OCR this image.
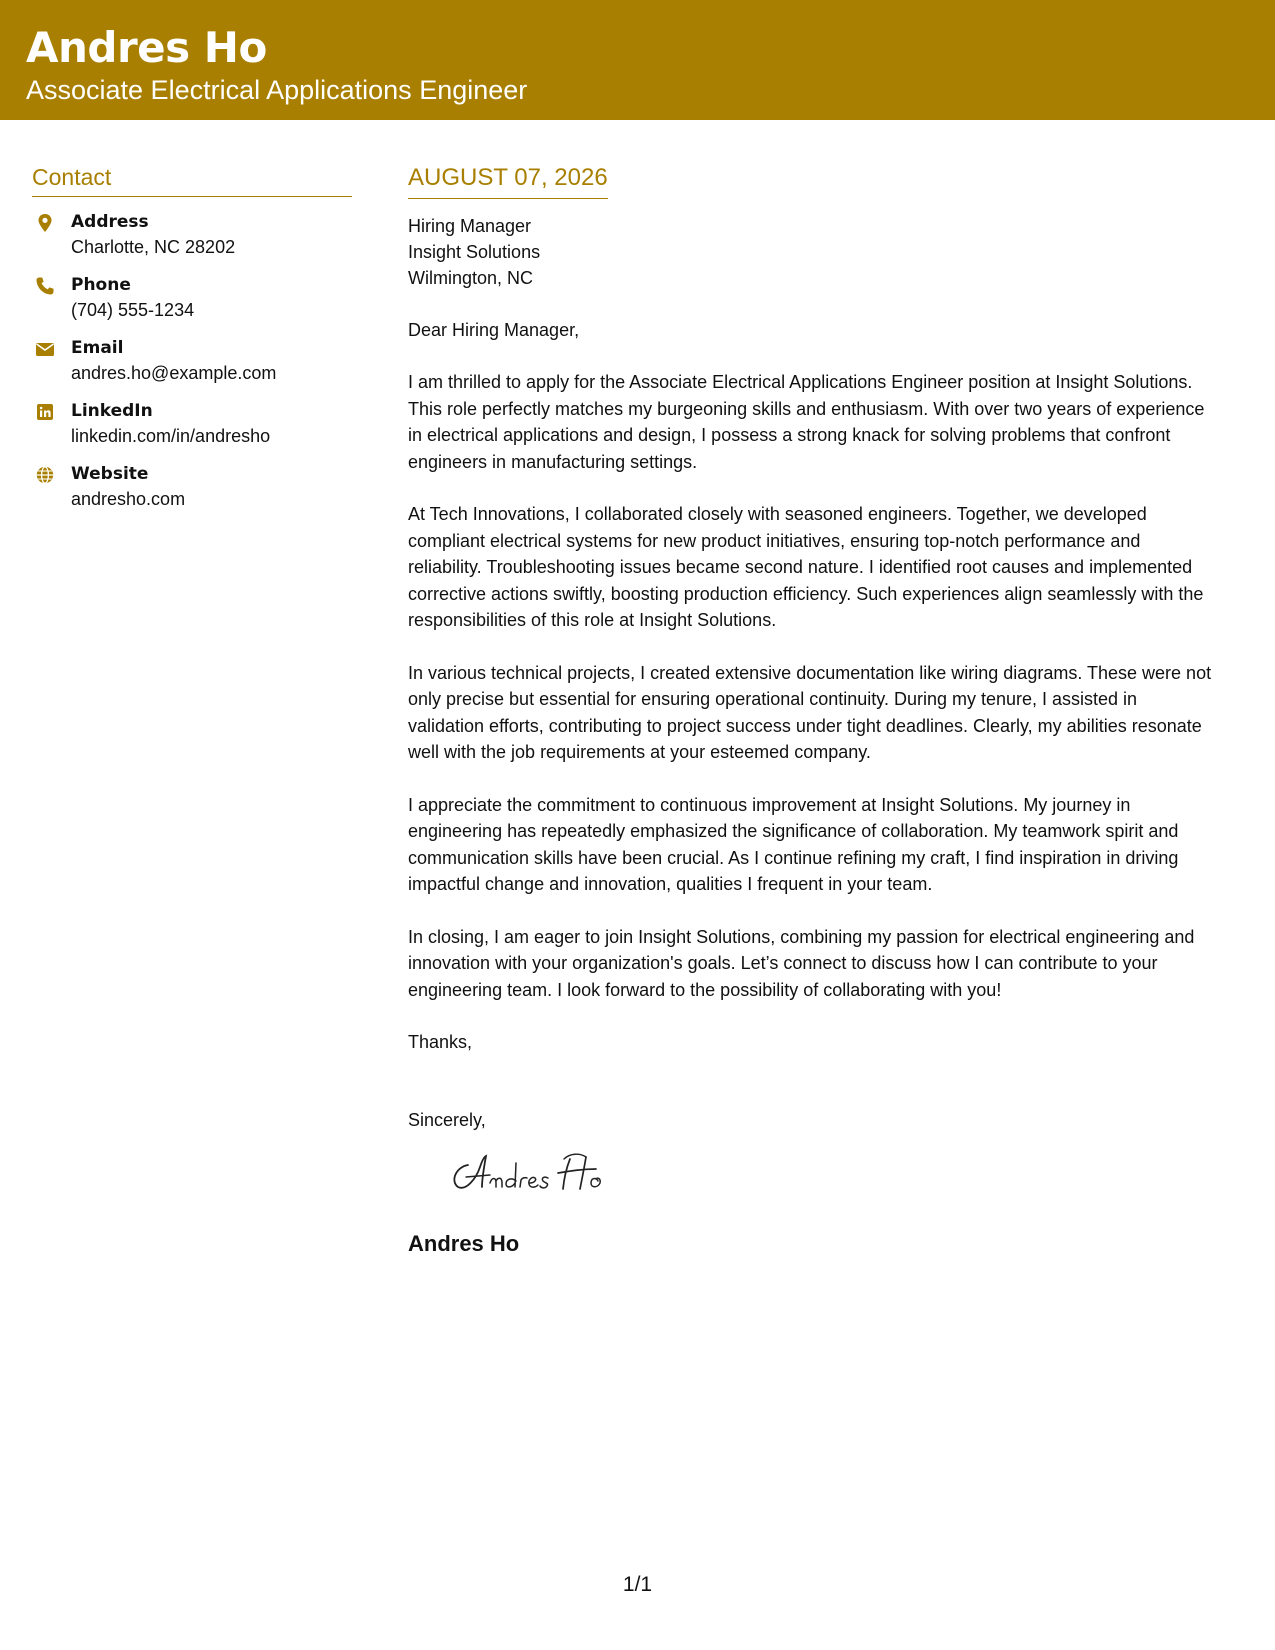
Andres Ho
Associate Electrical Applications Engineer
Contact
Address
Charlotte, NC 28202
Phone
(704) 555-1234
Email
andres.ho@example.com
LinkedIn
linkedin.com/in/andresho
Website
andresho.com
AUGUST 07, 2026
Hiring Manager
Insight Solutions
Wilmington, NC
Dear Hiring Manager,
I am thrilled to apply for the Associate Electrical Applications Engineer position at Insight Solutions.
This role perfectly matches my burgeoning skills and enthusiasm. With over two years of experience
in electrical applications and design, I possess a strong knack for solving problems that confront
engineers in manufacturing settings.
At Tech Innovations, I collaborated closely with seasoned engineers. Together, we developed
compliant electrical systems for new product initiatives, ensuring top-notch performance and
reliability. Troubleshooting issues became second nature. I identified root causes and implemented
corrective actions swiftly, boosting production efficiency. Such experiences align seamlessly with the
responsibilities of this role at Insight Solutions.
In various technical projects, I created extensive documentation like wiring diagrams. These were not
only precise but essential for ensuring operational continuity. During my tenure, I assisted in
validation efforts, contributing to project success under tight deadlines. Clearly, my abilities resonate
well with the job requirements at your esteemed company.
I appreciate the commitment to continuous improvement at Insight Solutions. My journey in
engineering has repeatedly emphasized the significance of collaboration. My teamwork spirit and
communication skills have been crucial. As I continue refining my craft, I find inspiration in driving
impactful change and innovation, qualities I frequent in your team.
In closing, I am eager to join Insight Solutions, combining my passion for electrical engineering and
innovation with your organization's goals. Let’s connect to discuss how I can contribute to your
engineering team. I look forward to the possibility of collaborating with you!
Thanks,
Sincerely,
Andres Ho
1/1
